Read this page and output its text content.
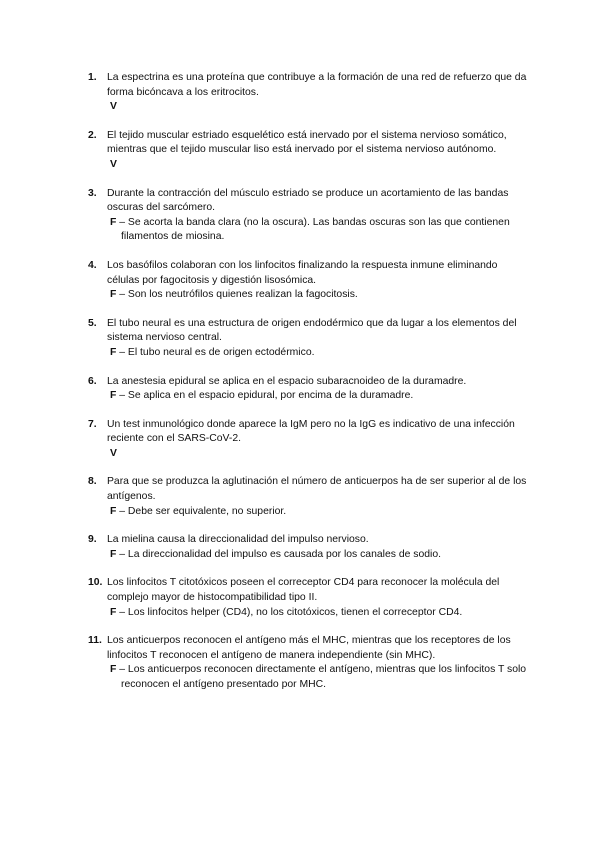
1. La espectrina es una proteína que contribuye a la formación de una red de refuerzo que da forma bicóncava a los eritrocitos.
V
2. El tejido muscular estriado esquelético está inervado por el sistema nervioso somático, mientras que el tejido muscular liso está inervado por el sistema nervioso autónomo.
V
3. Durante la contracción del músculo estriado se produce un acortamiento de las bandas oscuras del sarcómero.
F – Se acorta la banda clara (no la oscura). Las bandas oscuras son las que contienen filamentos de miosina.
4. Los basófilos colaboran con los linfocitos finalizando la respuesta inmune eliminando células por fagocitosis y digestión lisosómica.
F – Son los neutrófilos quienes realizan la fagocitosis.
5. El tubo neural es una estructura de origen endodérmico que da lugar a los elementos del sistema nervioso central.
F – El tubo neural es de origen ectodérmico.
6. La anestesia epidural se aplica en el espacio subaracnoideo de la duramadre.
F – Se aplica en el espacio epidural, por encima de la duramadre.
7. Un test inmunológico donde aparece la IgM pero no la IgG es indicativo de una infección reciente con el SARS-CoV-2.
V
8. Para que se produzca la aglutinación el número de anticuerpos ha de ser superior al de los antígenos.
F – Debe ser equivalente, no superior.
9. La mielina causa la direccionalidad del impulso nervioso.
F – La direccionalidad del impulso es causada por los canales de sodio.
10. Los linfocitos T citotóxicos poseen el correceptor CD4 para reconocer la molécula del complejo mayor de histocompatibilidad tipo II.
F – Los linfocitos helper (CD4), no los citotóxicos, tienen el correceptor CD4.
11. Los anticuerpos reconocen el antígeno más el MHC, mientras que los receptores de los linfocitos T reconocen el antígeno de manera independiente (sin MHC).
F – Los anticuerpos reconocen directamente el antígeno, mientras que los linfocitos T solo reconocen el antígeno presentado por MHC.
